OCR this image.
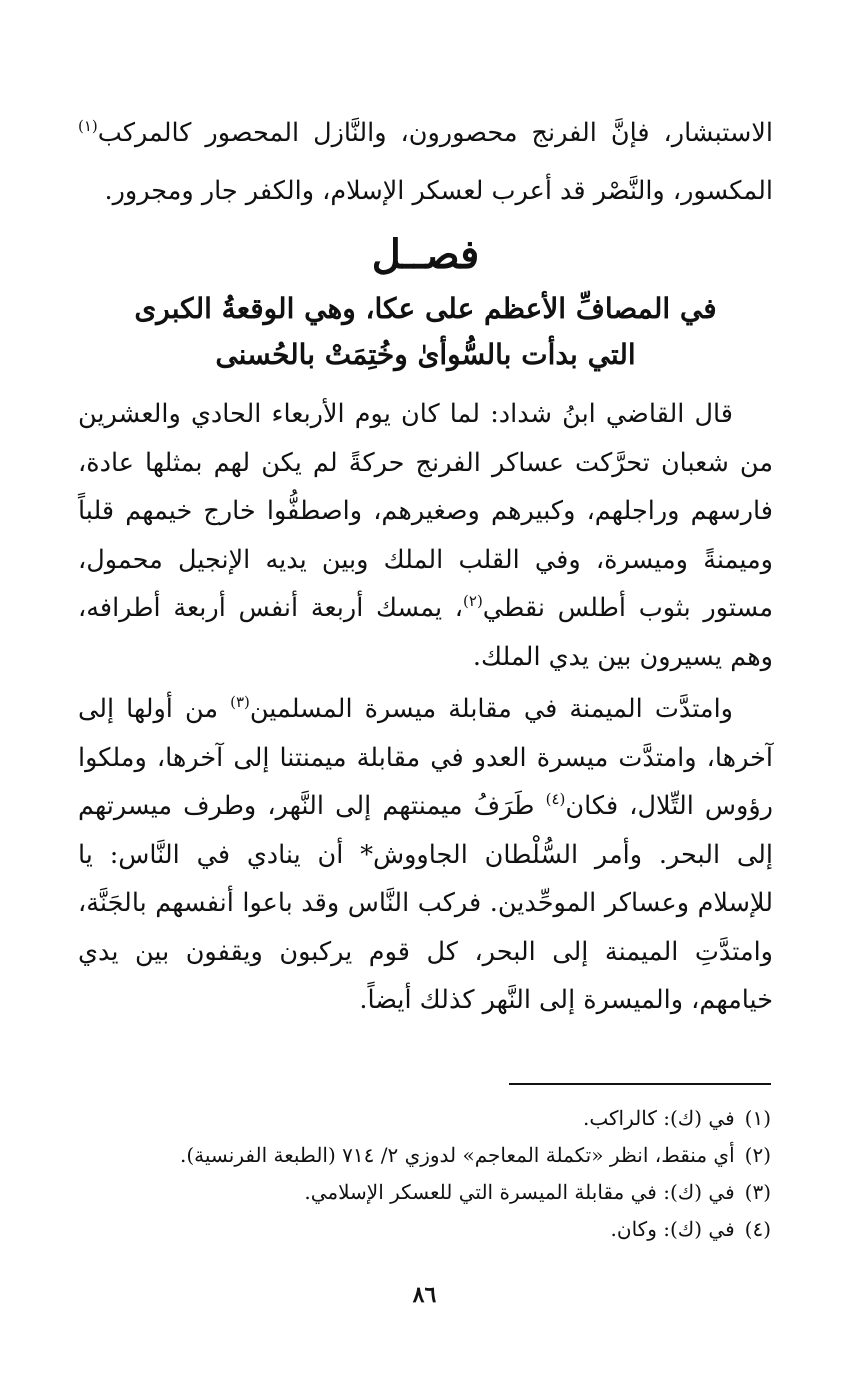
الاستبشار، فإنَّ الفرنج محصورون، والنَّازل المحصور كالمركب$^{(١)}$ المكسور، والنَّصْر قد أعرب لعسكر الإسلام، والكفر جار ومجرور.

فصــل
في المصافِّ الأعظم على عكا، وهي الوقعةُ الكبرى
التي بدأت بالسُّوأىٰ وخُتِمَتْ بالحُسنى

قال القاضي ابنُ شداد: لما كان يوم الأربعاء الحادي والعشرين من شعبان تحرَّكت عساكر الفرنج حركةً لم يكن لهم بمثلها عادة، فارسهم وراجلهم، وكبيرهم وصغيرهم، واصطفُّوا خارج خيمهم قلباً وميمنةً وميسرة، وفي القلب الملك وبين يديه الإنجيل محمول، مستور بثوب أطلس نقطي$^{(٢)}$، يمسك أربعة أنفس أربعة أطرافه، وهم يسيرون بين يدي الملك.

وامتدَّت الميمنة في مقابلة ميسرة المسلمين$^{(٣)}$ من أولها إلى آخرها، وامتدَّت ميسرة العدو في مقابلة ميمنتنا إلى آخرها، وملكوا رؤوس التِّلال، فكان$^{(٤)}$ طَرَفُ ميمنتهم إلى النَّهر، وطرف ميسرتهم إلى البحر. وأمر السُّلْطان الجاووش* أن ينادي في النَّاس: يا للإسلام وعساكر الموحِّدين. فركب النَّاس وقد باعوا أنفسهم بالجَنَّة، وامتدَّتِ الميمنة إلى البحر، كل قوم يركبون ويقفون بين يدي خيامهم، والميسرة إلى النَّهر كذلك أيضاً.

(١)في (ك): كالراكب.
(٢)أي منقط، انظر «تكملة المعاجم» لدوزي ٢/ ٧١٤ (الطبعة الفرنسية).
(٣)في (ك): في مقابلة الميسرة التي للعسكر الإسلامي.
(٤)في (ك): وكان.
٨٦
